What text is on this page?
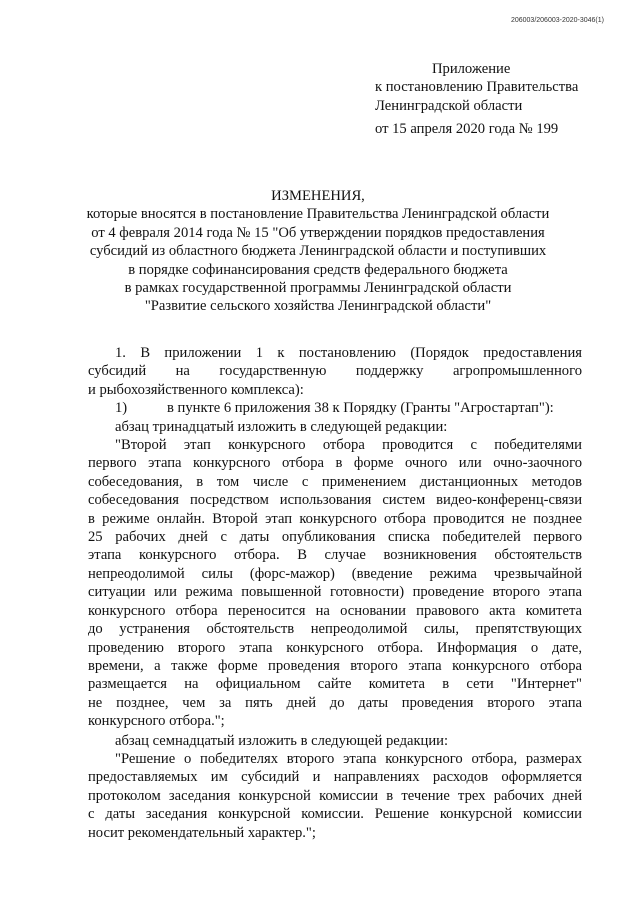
206003/206003-2020-3046(1)
Приложение
к постановлению Правительства
Ленинградской области
от 15 апреля 2020 года № 199
ИЗМЕНЕНИЯ,
которые вносятся в постановление Правительства Ленинградской области
от 4 февраля 2014 года № 15 "Об утверждении порядков предоставления
субсидий из областного бюджета Ленинградской области и поступивших
в порядке софинансирования средств федерального бюджета
в рамках государственной программы Ленинградской области
"Развитие сельского хозяйства Ленинградской области"
1. В приложении 1 к постановлению (Порядок предоставления
субсидий на государственную поддержку агропромышленного
и рыбохозяйственного комплекса):
1)	в пункте 6 приложения 38 к Порядку (Гранты "Агростартап"):
абзац тринадцатый изложить в следующей редакции:
"Второй этап конкурсного отбора проводится с победителями
первого этапа конкурсного отбора в форме очного или очно-заочного
собеседования, в том числе с применением дистанционных методов
собеседования посредством использования систем видео-конференц-связи
в режиме онлайн. Второй этап конкурсного отбора проводится не позднее
25 рабочих дней с даты опубликования списка победителей первого
этапа конкурсного отбора. В случае возникновения обстоятельств
непреодолимой силы (форс-мажор) (введение режима чрезвычайной
ситуации или режима повышенной готовности) проведение второго этапа
конкурсного отбора переносится на основании правового акта комитета
до устранения обстоятельств непреодолимой силы, препятствующих
проведению второго этапа конкурсного отбора. Информация о дате,
времени, а также форме проведения второго этапа конкурсного отбора
размещается на официальном сайте комитета в сети "Интернет"
не позднее, чем за пять дней до даты проведения второго этапа
конкурсного отбора.";
абзац семнадцатый изложить в следующей редакции:
"Решение о победителях второго этапа конкурсного отбора, размерах
предоставляемых им субсидий и направлениях расходов оформляется
протоколом заседания конкурсной комиссии в течение трех рабочих дней
с даты заседания конкурсной комиссии. Решение конкурсной комиссии
носит рекомендательный характер.";
